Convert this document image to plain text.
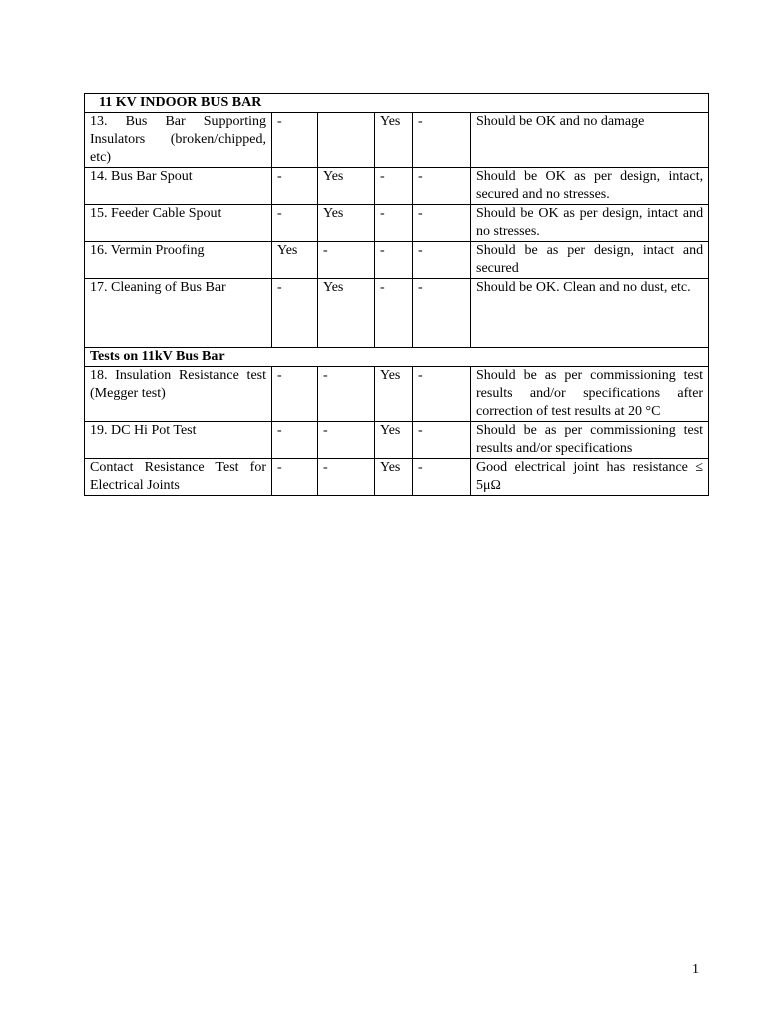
11 KV INDOOR BUS BAR					
13. Bus Bar Supporting Insulators (broken/chipped, etc)	-		Yes	-	Should be OK and no damage
14. Bus Bar Spout	-	Yes	-	-	Should be OK as per design, intact, secured and no stresses.
15. Feeder Cable Spout	-	Yes	-	-	Should be OK as per design, intact and no stresses.
16. Vermin Proofing	Yes	-	-	-	Should be as per design, intact and secured
17. Cleaning of Bus Bar	-	Yes	-	-	Should be OK. Clean and no dust, etc.
Tests on 11kV Bus Bar					
18. Insulation Resistance test (Megger test)	-	-	Yes	-	Should be as per commissioning test results and/or specifications after correction of test results at 20 °C
19. DC Hi Pot Test	-	-	Yes	-	Should be as per commissioning test results and/or specifications
Contact Resistance Test for Electrical Joints	-	-	Yes	-	Good electrical joint has resistance ≤ 5μΩ
1
